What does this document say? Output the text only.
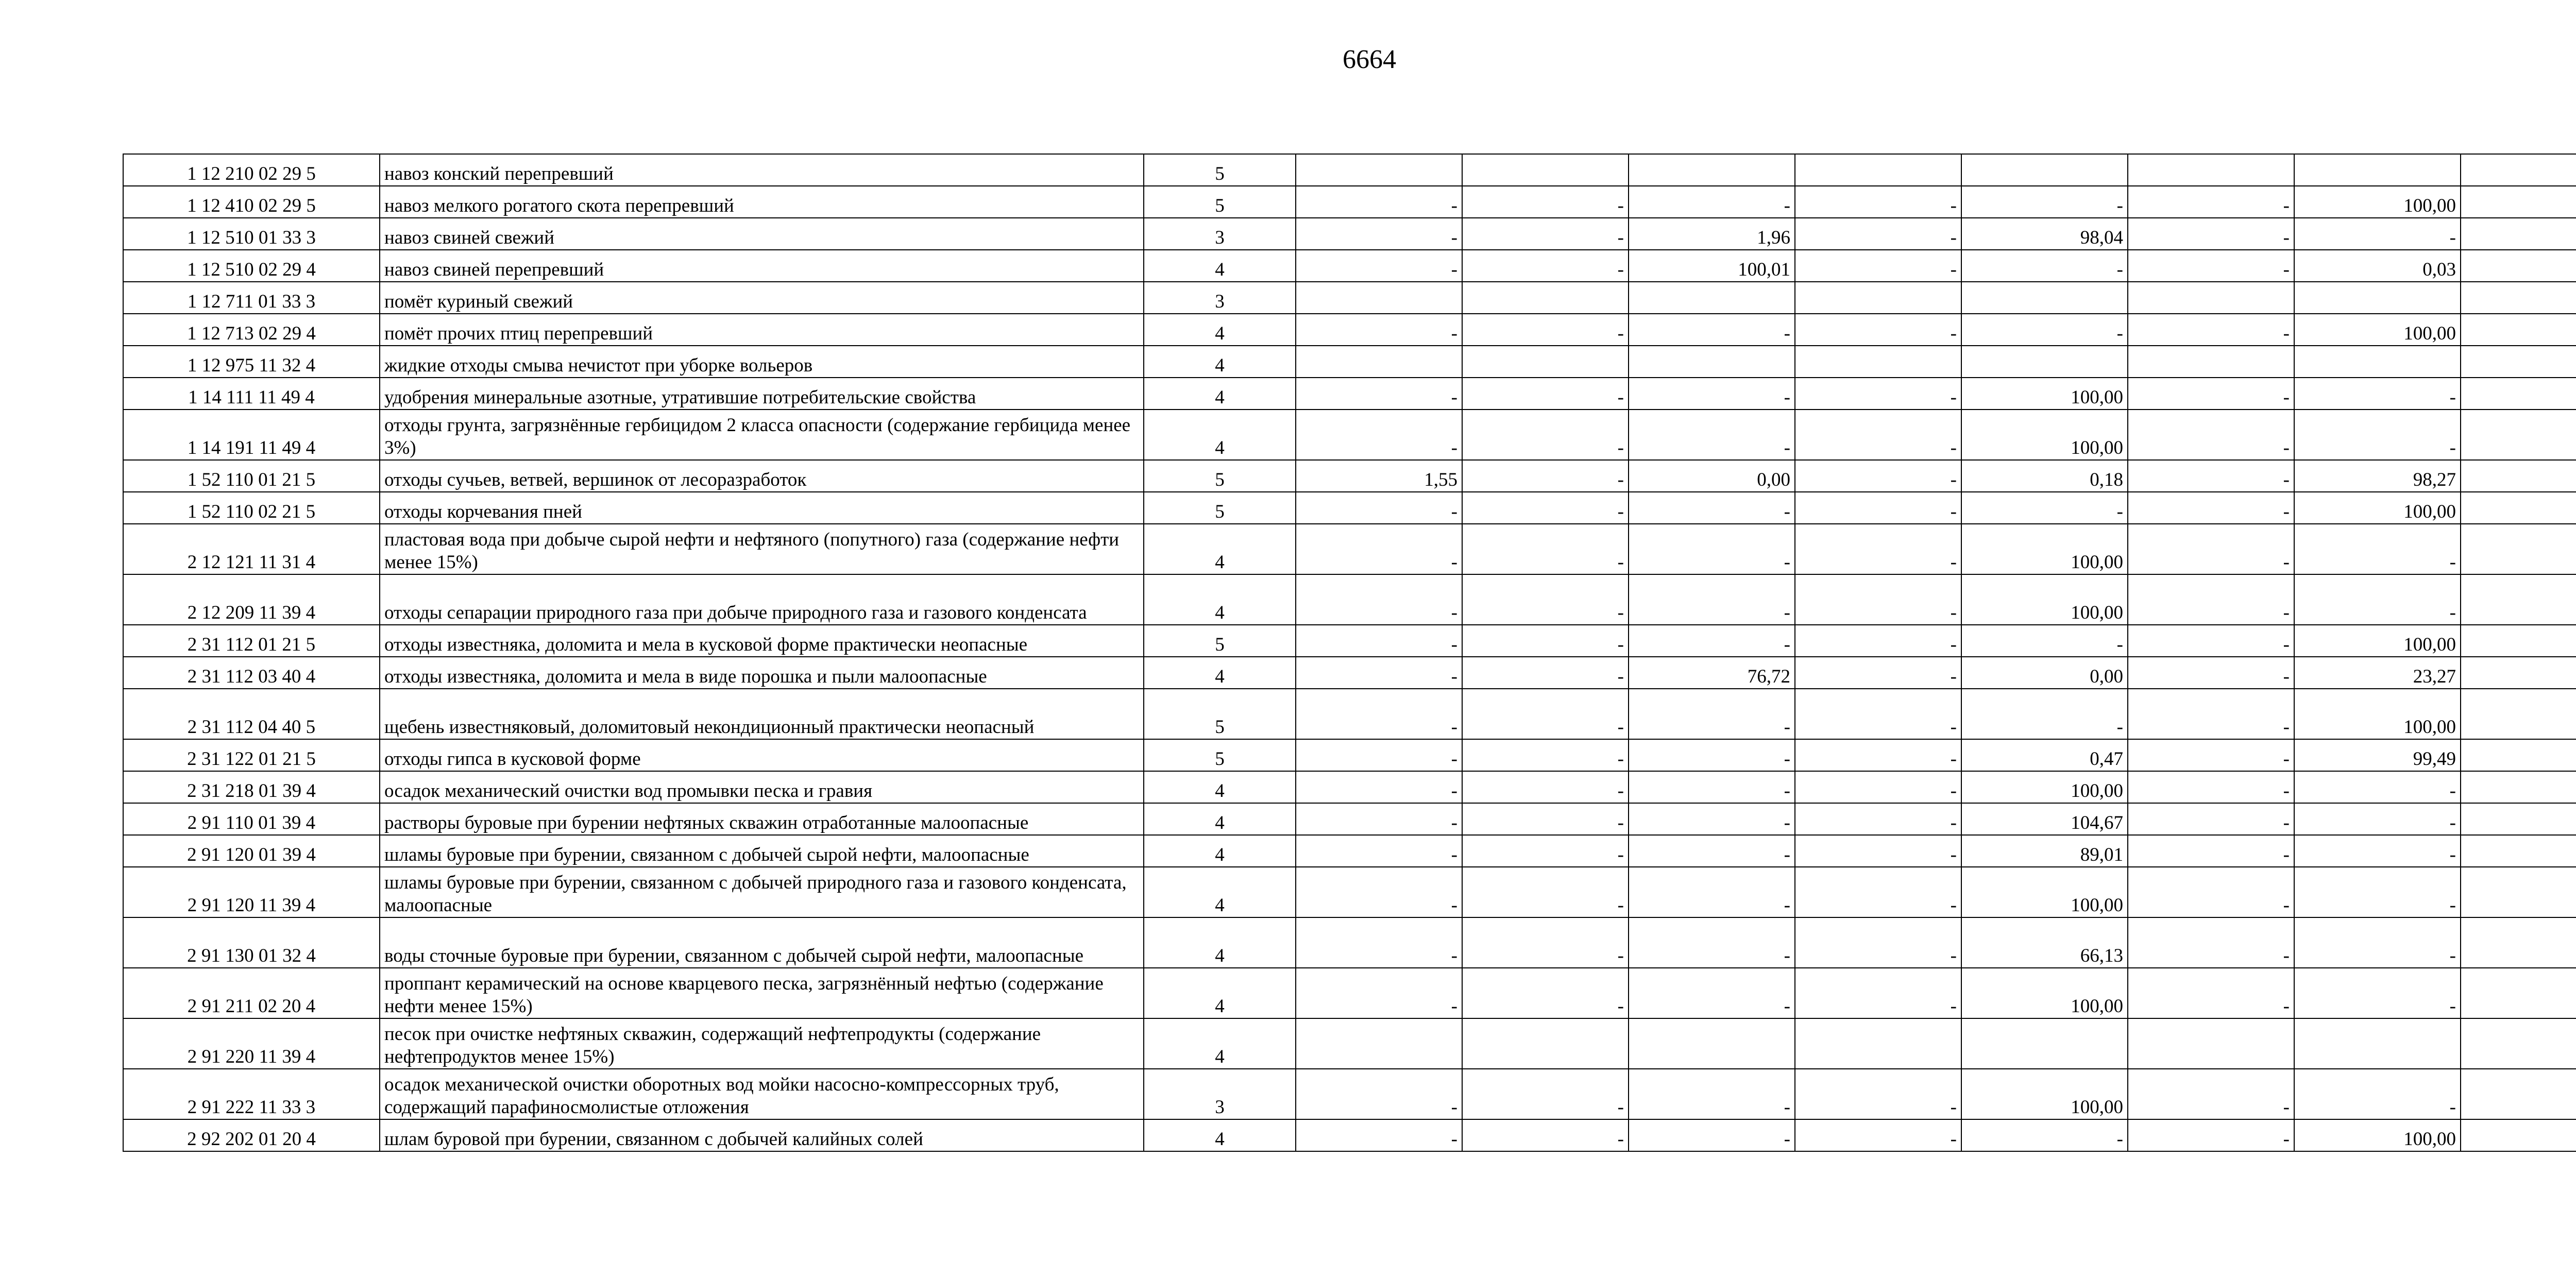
6664
1 12 210 02 29 5	навоз конский перепревший	5								
1 12 410 02 29 5	навоз мелкого рогатого скота перепревший	5	-	-	-	-	-	-	100,00	
1 12 510 01 33 3	навоз свиней свежий	3	-	-	1,96	-	98,04	-	-	
1 12 510 02 29 4	навоз свиней перепревший	4	-	-	100,01	-	-	-	0,03	
1 12 711 01 33 3	помёт куриный свежий	3								
1 12 713 02 29 4	помёт прочих птиц перепревший	4	-	-	-	-	-	-	100,00	
1 12 975 11 32 4	жидкие отходы смыва нечистот при уборке вольеров	4								
1 14 111 11 49 4	удобрения минеральные азотные, утратившие потребительские свойства	4	-	-	-	-	100,00	-	-	
1 14 191 11 49 4	отходы грунта, загрязнённые гербицидом 2 класса опасности (содержание гербицида менее 3%)	4	-	-	-	-	100,00	-	-	
1 52 110 01 21 5	отходы сучьев, ветвей, вершинок от лесоразработок	5	1,55	-	0,00	-	0,18	-	98,27	
1 52 110 02 21 5	отходы корчевания пней	5	-	-	-	-	-	-	100,00	
2 12 121 11 31 4	пластовая вода при добыче сырой нефти и нефтяного (попутного) газа (содержание нефти менее 15%)	4	-	-	-	-	100,00	-	-	
2 12 209 11 39 4	отходы сепарации природного газа при добыче природного газа и газового конденсата	4	-	-	-	-	100,00	-	-	
2 31 112 01 21 5	отходы известняка, доломита и мела в кусковой форме практически неопасные	5	-	-	-	-	-	-	100,00	
2 31 112 03 40 4	отходы известняка, доломита и мела в виде порошка и пыли малоопасные	4	-	-	76,72	-	0,00	-	23,27	
2 31 112 04 40 5	щебень известняковый, доломитовый некондиционный практически неопасный	5	-	-	-	-	-	-	100,00	
2 31 122 01 21 5	отходы гипса в кусковой форме	5	-	-	-	-	0,47	-	99,49	
2 31 218 01 39 4	осадок механический очистки вод промывки песка и гравия	4	-	-	-	-	100,00	-	-	
2 91 110 01 39 4	растворы буровые при бурении нефтяных скважин отработанные малоопасные	4	-	-	-	-	104,67	-	-	
2 91 120 01 39 4	шламы буровые при бурении, связанном с добычей сырой нефти, малоопасные	4	-	-	-	-	89,01	-	-	
2 91 120 11 39 4	шламы буровые при бурении, связанном с добычей природного газа и газового конденсата, малоопасные	4	-	-	-	-	100,00	-	-	
2 91 130 01 32 4	воды сточные буровые при бурении, связанном с добычей сырой нефти, малоопасные	4	-	-	-	-	66,13	-	-	
2 91 211 02 20 4	проппант керамический на основе кварцевого песка, загрязнённый нефтью (содержание нефти менее 15%)	4	-	-	-	-	100,00	-	-	
2 91 220 11 39 4	песок при очистке нефтяных скважин, содержащий нефтепродукты (содержание нефтепродуктов менее 15%)	4								
2 91 222 11 33 3	осадок механической очистки оборотных вод мойки насосно-компрессорных труб, содержащий парафиносмолистые отложения	3	-	-	-	-	100,00	-	-	
2 92 202 01 20 4	шлам буровой при бурении, связанном с добычей калийных солей	4	-	-	-	-	-	-	100,00	
